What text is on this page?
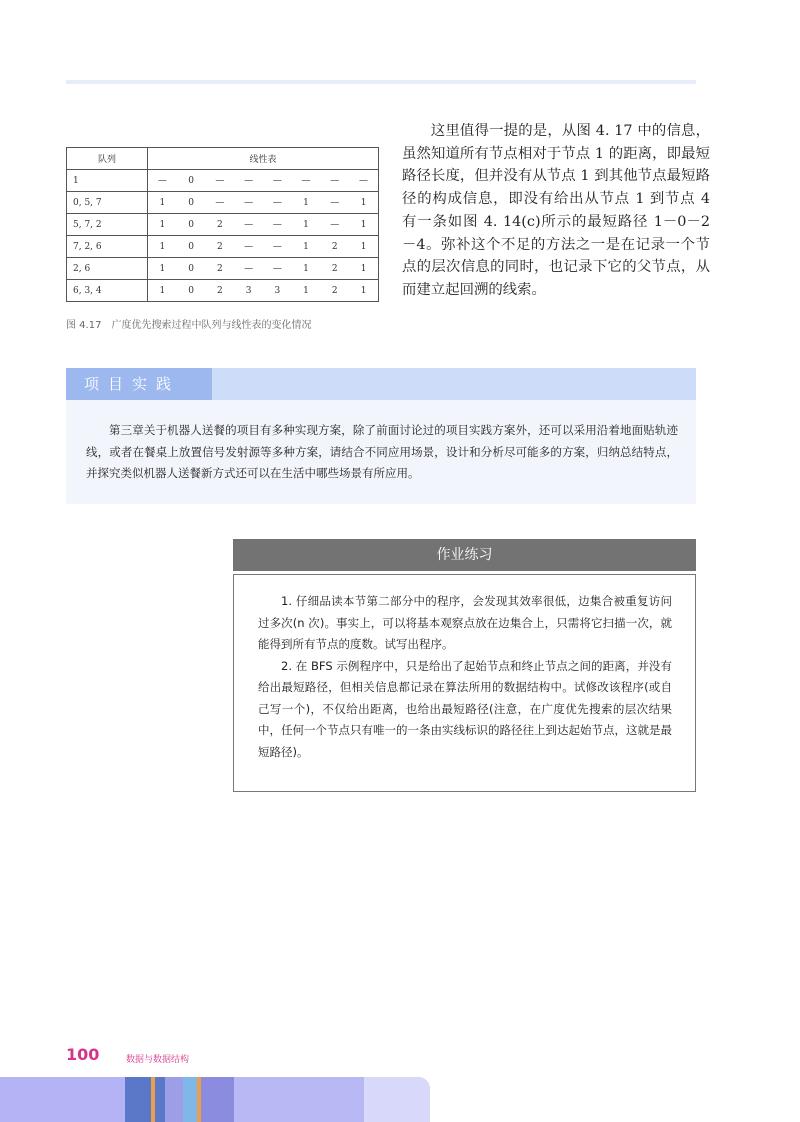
队列	线性表							
1	—	0	—	—	—	—	—	—
0, 5, 7	1	0	—	—	—	1	—	1
5, 7, 2	1	0	2	—	—	1	—	1
7, 2, 6	1	0	2	—	—	1	2	1
2, 6	1	0	2	—	—	1	2	1
6, 3, 4	1	0	2	3	3	1	2	1
图 4.17　广度优先搜索过程中队列与线性表的变化情况

这里值得一提的是，从图 4. 17 中的信息，虽然知道所有节点相对于节点 1 的距离，即最短路径长度，但并没有从节点 1 到其他节点最短路径的构成信息，即没有给出从节点 1 到节点 4 有一条如图 4. 14(c)所示的最短路径 1－0－2－4。弥补这个不足的方法之一是在记录一个节点的层次信息的同时，也记录下它的父节点，从而建立起回溯的线索。

项目实践

第三章关于机器人送餐的项目有多种实现方案，除了前面讨论过的项目实践方案外，还可以采用沿着地面贴轨迹线，或者在餐桌上放置信号发射源等多种方案，请结合不同应用场景，设计和分析尽可能多的方案，归纳总结特点，并探究类似机器人送餐新方式还可以在生活中哪些场景有所应用。

作业练习

1. 仔细品读本节第二部分中的程序，会发现其效率很低，边集合被重复访问过多次(n 次)。事实上，可以将基本观察点放在边集合上，只需将它扫描一次，就能得到所有节点的度数。试写出程序。

2. 在 BFS 示例程序中，只是给出了起始节点和终止节点之间的距离，并没有给出最短路径，但相关信息都记录在算法所用的数据结构中。试修改该程序(或自己写一个)，不仅给出距离，也给出最短路径(注意，在广度优先搜索的层次结果中，任何一个节点只有唯一的一条由实线标识的路径往上到达起始节点，这就是最短路径)。

100	数据与数据结构
